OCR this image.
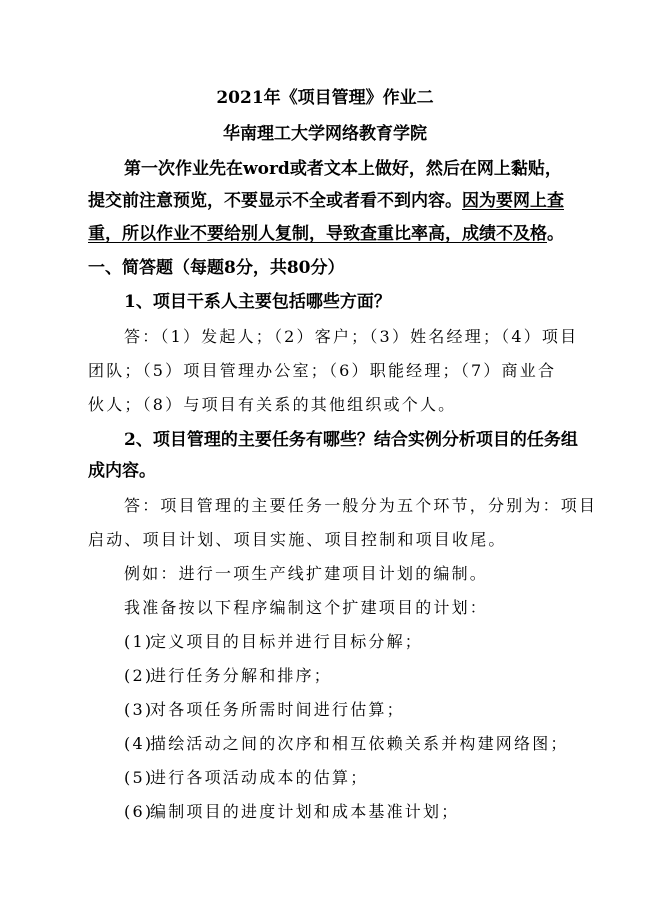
2021年《项目管理》作业二
华南理工大学网络教育学院
第一次作业先在word或者文本上做好，然后在网上黏贴，
提交前注意预览，不要显示不全或者看不到内容。因为要网上查
重，所以作业不要给别人复制，导致查重比率高，成绩不及格。
一、简答题（每题8分，共80分）
1、项目干系人主要包括哪些方面？
答：（1）发起人；（2）客户；（3）姓名经理；（4）项目
团队；（5）项目管理办公室；（6）职能经理；（7）商业合
伙人；（8）与项目有关系的其他组织或个人。
2、项目管理的主要任务有哪些？结合实例分析项目的任务组
成内容。
答：项目管理的主要任务一般分为五个环节，分别为：项目
启动、项目计划、项目实施、项目控制和项目收尾。
例如：进行一项生产线扩建项目计划的编制。
我准备按以下程序编制这个扩建项目的计划：
(1)定义项目的目标并进行目标分解；
(2)进行任务分解和排序；
(3)对各项任务所需时间进行估算；
(4)描绘活动之间的次序和相互依赖关系并构建网络图；
(5)进行各项活动成本的估算；
(6)编制项目的进度计划和成本基准计划；
